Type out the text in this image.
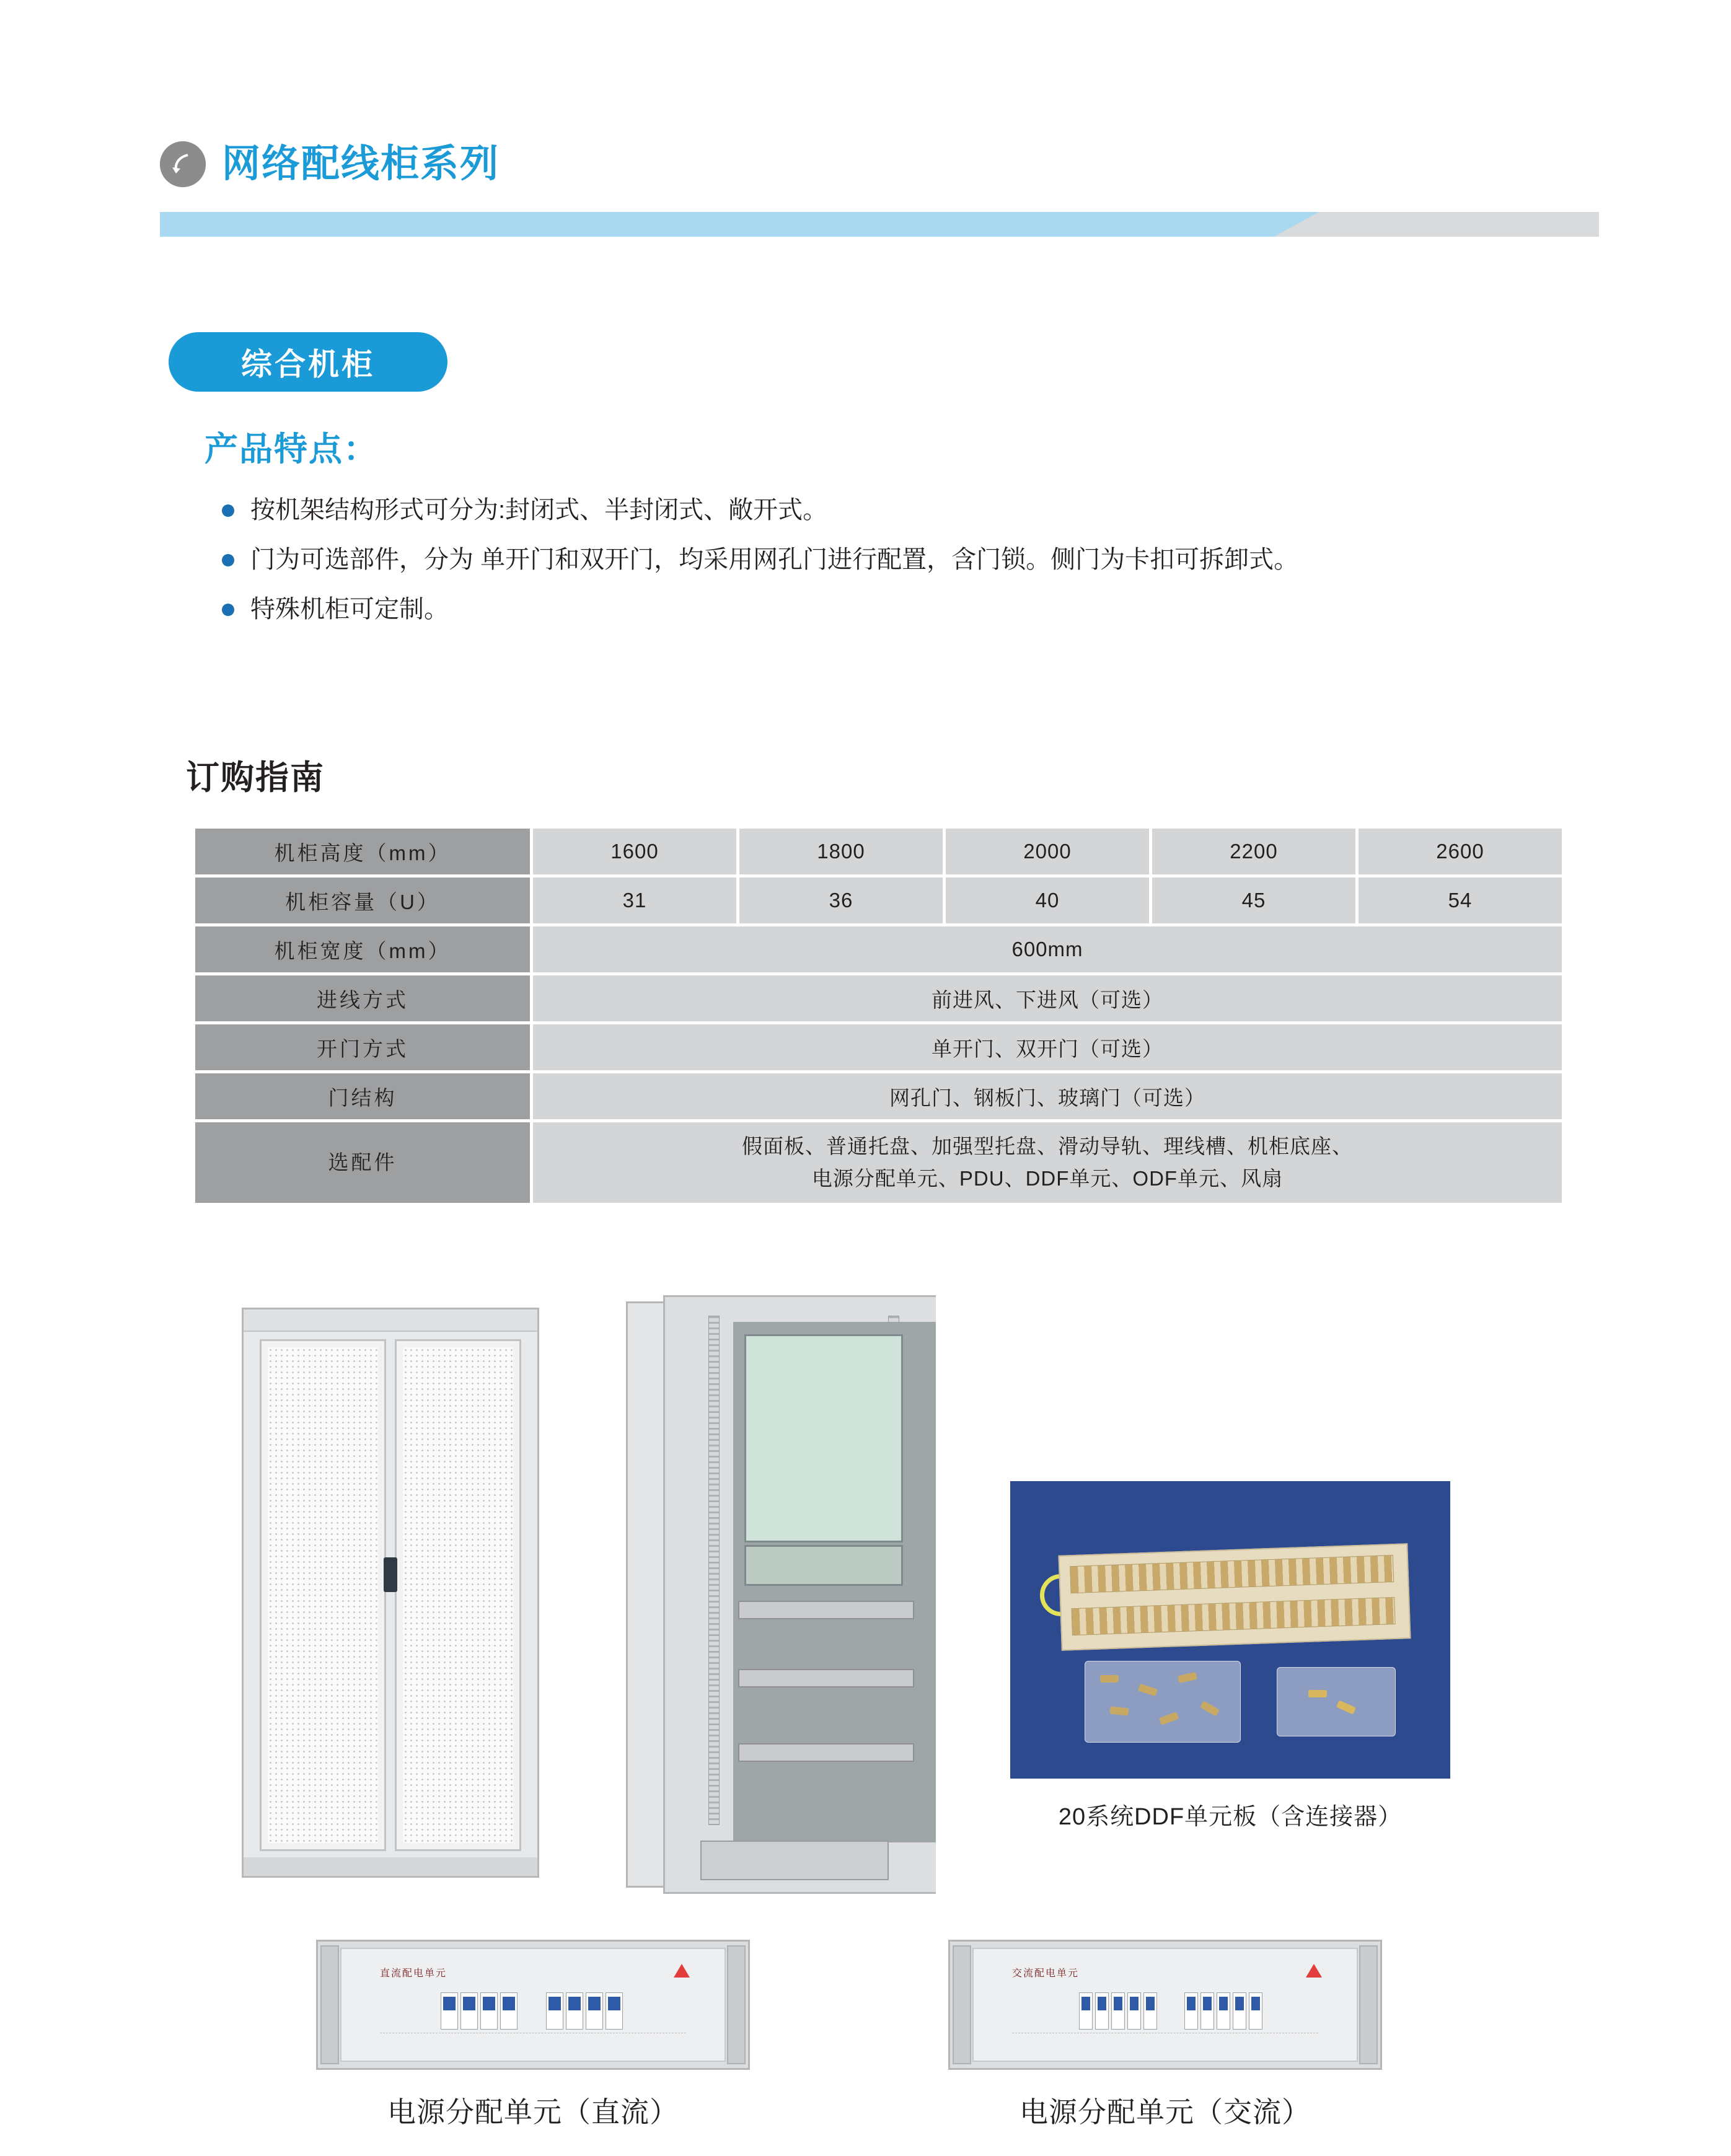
网络配线柜系列
综合机柜
产品特点：
按机架结构形式可分为:封闭式、半封闭式、敞开式。
门为可选部件，分为 单开门和双开门，均采用网孔门进行配置，含门锁。侧门为卡扣可拆卸式。
特殊机柜可定制。
订购指南
机柜高度（mm）	1600	1800	2000	2200	2600
机柜容量（U）	31	36	40	45	54
机柜宽度（mm）	600mm				
进线方式	前进风、下进风（可选）				
开门方式	单开门、双开门（可选）				
门结构	网孔门、钢板门、玻璃门（可选）				
选配件	假面板、普通托盘、加强型托盘、滑动导轨、理线槽、机柜底座、
电源分配单元、PDU、DDF单元、ODF单元、风扇				
20系统DDF单元板（含连接器）
直流配电单元
电源分配单元（直流）
交流配电单元
电源分配单元（交流）
